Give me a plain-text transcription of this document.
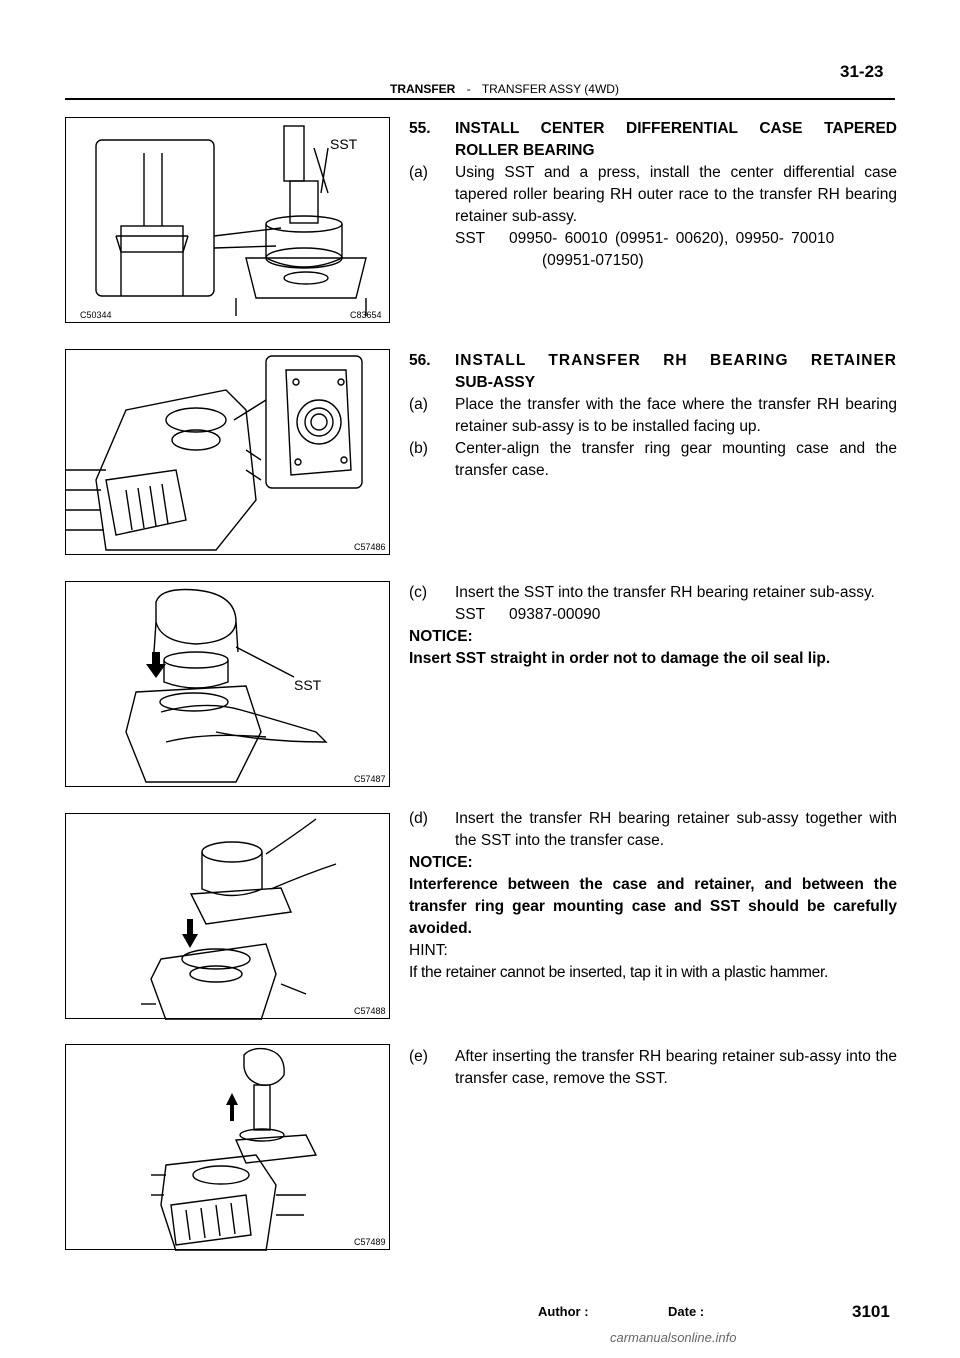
31-23
TRANSFER - TRANSFER ASSY (4WD)
SST
C50344	C83654
C57486
SST
C57487
C57488
C57489
55.	INSTALL CENTER DIFFERENTIAL CASE TAPERED
ROLLER BEARING
(a)	Using SST and a press, install the center differential case tapered roller bearing RH outer race to the transfer RH bearing retainer sub-assy.
SST 09950- 60010 (09951- 00620), 09950- 70010
(09951-07150)
56.	INSTALL TRANSFER RH BEARING RETAINER
SUB-ASSY
(a)	Place the transfer with the face where the transfer RH bearing retainer sub-assy is to be installed facing up.
(b)	Center-align the transfer ring gear mounting case and the transfer case.
(c)	Insert the SST into the transfer RH bearing retainer sub-assy.
SST 09387-00090
NOTICE:
Insert SST straight in order not to damage the oil seal lip.
(d)	Insert the transfer RH bearing retainer sub-assy together with the SST into the transfer case.
NOTICE:
Interference between the case and retainer, and between the transfer ring gear mounting case and SST should be carefully avoided.
HINT:
If the retainer cannot be inserted, tap it in with a plastic hammer.
(e)	After inserting the transfer RH bearing retainer sub-assy into the transfer case, remove the SST.
Author :	Date :	3101
carmanualsonline.info
